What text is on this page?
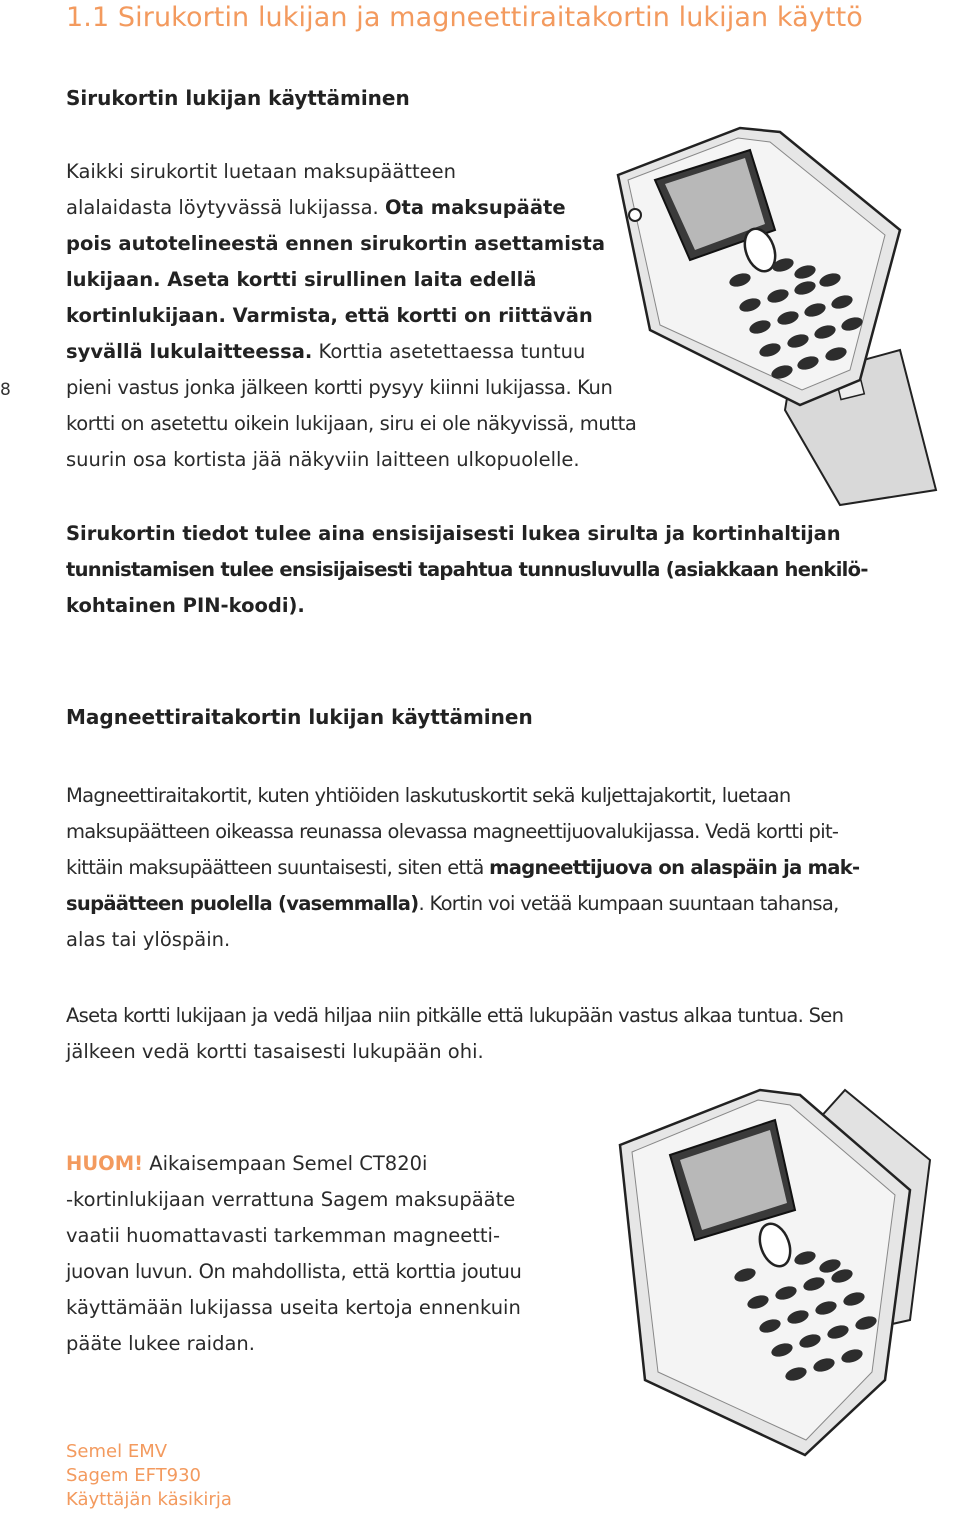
1.1 Sirukortin lukijan ja magneettiraitakortin lukijan käyttö
8
Sirukortin lukijan käyttäminen
Kaikki sirukortit luetaan maksupäätteen
alalaidasta löytyvässä lukijassa. Ota maksupääte
pois autotelineestä ennen sirukortin asettamista
lukijaan. Aseta kortti sirullinen laita edellä
kortinlukijaan. Varmista, että kortti on riittävän
syvällä lukulaitteessa. Korttia asetettaessa tuntuu
pieni vastus jonka jälkeen kortti pysyy kiinni lukijassa. Kun
kortti on asetettu oikein lukijaan, siru ei ole näkyvissä, mutta
suurin osa kortista jää näkyviin laitteen ulkopuolelle.
Sirukortin tiedot tulee aina ensisijaisesti lukea sirulta ja kortinhaltijan
tunnistamisen tulee ensisijaisesti tapahtua tunnusluvulla (asiakkaan henkilö-
kohtainen PIN-koodi).
Magneettiraitakortin lukijan käyttäminen
Magneettiraitakortit, kuten yhtiöiden laskutuskortit sekä kuljettajakortit, luetaan
maksupäätteen oikeassa reunassa olevassa magneettijuovalukijassa. Vedä kortti pit-
kittäin maksupäätteen suuntaisesti, siten että magneettijuova on alaspäin ja mak-
supäätteen puolella (vasemmalla). Kortin voi vetää kumpaan suuntaan tahansa,
alas tai ylöspäin.
Aseta kortti lukijaan ja vedä hiljaa niin pitkälle että lukupään vastus alkaa tuntua. Sen
jälkeen vedä kortti tasaisesti lukupään ohi.
HUOM! Aikaisempaan Semel CT820i
-kortinlukijaan verrattuna Sagem maksupääte
vaatii huomattavasti tarkemman magneetti-
juovan luvun. On mahdollista, että korttia joutuu
käyttämään lukijassa useita kertoja ennenkuin
pääte lukee raidan.
Semel EMV
Sagem EFT930
Käyttäjän käsikirja
